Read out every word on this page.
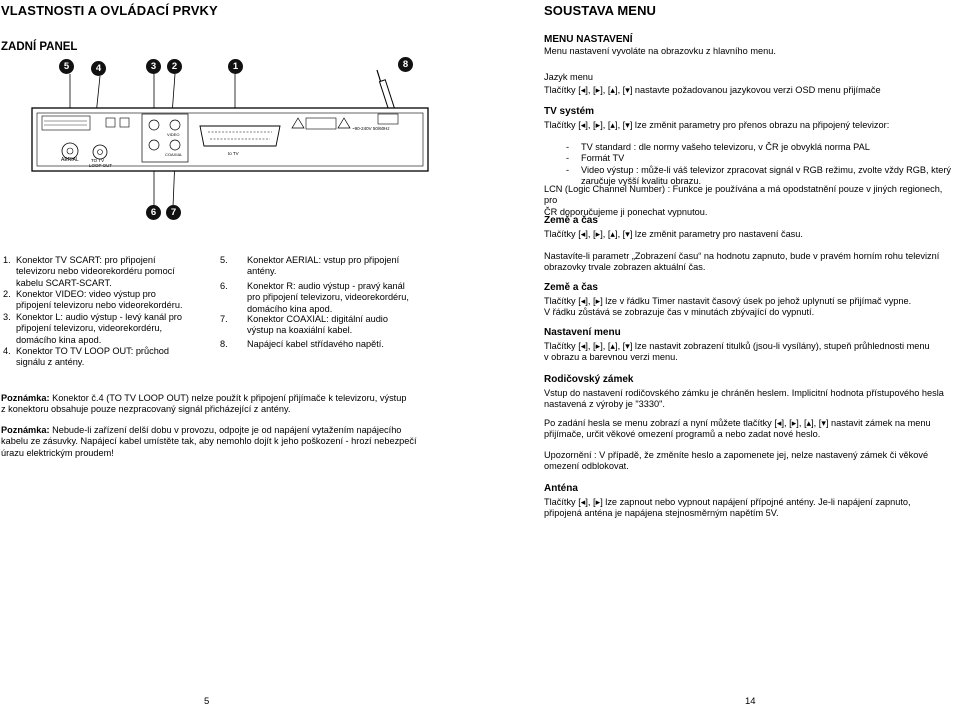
VLASTNOSTI A OVLÁDACÍ PRVKY
ZADNÍ PANEL
AERIAL	TO TV
LOOP OUT
VIDEO
COAXIAL	to TV
~90-240V 50/60Hz
5	4	3	2	1	8
6	7
1. Konektor TV SCART: pro připojení
televizoru nebo videorekordéru pomocí
kabelu SCART-SCART.
2. Konektor VIDEO: video výstup pro
připojení televizoru nebo videorekordéru.
3. Konektor L: audio výstup - levý kanál pro
připojení televizoru, videorekordéru,
domácího kina apod.
4. Konektor TO TV LOOP OUT: průchod
signálu z antény.
5. Konektor AERIAL: vstup pro připojení
antény.
6. Konektor R: audio výstup - pravý kanál
pro připojení televizoru, videorekordéru,
domácího kina apod.
7. Konektor COAXIAL: digitální audio
výstup na koaxiální kabel.
8. Napájecí kabel střídavého napětí.
Poznámka: Konektor č.4 (TO TV LOOP OUT) nelze použít k připojení přijímače k televizoru, výstup
z konektoru obsahuje pouze nezpracovaný signál přicházející z antény.
Poznámka: Nebude-li zařízení delší dobu v provozu, odpojte je od napájení vytažením napájecího
kabelu ze zásuvky. Napájecí kabel umístěte tak, aby nemohlo dojít k jeho poškození - hrozí nebezpečí
úrazu elektrickým proudem!
5
SOUSTAVA MENU
MENU NASTAVENÍ
Menu nastavení vyvoláte na obrazovku z hlavního menu.
Jazyk menu
Tlačítky [◂], [▸], [▴], [▾] nastavte požadovanou jazykovou verzi OSD menu přijímače
TV systém
Tlačítky [◂], [▸], [▴], [▾] lze změnit parametry pro přenos obrazu na připojený televizor:
- TV standard : dle normy vašeho televizoru, v ČR je obvyklá norma PAL
- Formát TV
- Video výstup : může-li váš televizor zpracovat signál v RGB režimu, zvolte vždy RGB, který
zaručuje vyšší kvalitu obrazu.
LCN (Logic Channel Number) : Funkce je používána a má opodstatnění pouze v jiných regionech, pro
ČR doporučujeme ji ponechat vypnutou.
Země a čas
Tlačítky [◂], [▸], [▴], [▾] lze změnit parametry pro nastavení času.
Nastavíte-li parametr „Zobrazení času“ na hodnotu zapnuto, bude v pravém horním rohu televizní
obrazovky trvale zobrazen aktuální čas.
Země a čas
Tlačítky [◂], [▸] lze v řádku Timer nastavit časový úsek po jehož uplynutí se přijímač vypne.
V řádku zůstává se zobrazuje čas v minutách zbývající do vypnutí.
Nastavení menu
Tlačítky [◂], [▸], [▴], [▾] lze nastavit zobrazení titulků (jsou-li vysílány), stupeň průhlednosti menu
v obrazu a barevnou verzi menu.
Rodičovský zámek
Vstup do nastavení rodičovského zámku je chráněn heslem. Implicitní hodnota přístupového hesla
nastavená z výroby je "3330".
Po zadání hesla se menu zobrazí a nyní můžete tlačítky [◂], [▸], [▴], [▾] nastavit zámek na menu
přijímače, určit věkové omezení programů a nebo zadat nové heslo.
Upozornění : V případě, že změníte heslo a zapomenete jej, nelze nastavený zámek či věkové
omezení odblokovat.
Anténa
Tlačítky [◂], [▸] lze zapnout nebo vypnout napájení přípojné antény. Je-li napájení zapnuto,
připojená anténa je napájena stejnosměrným napětím 5V.
14
